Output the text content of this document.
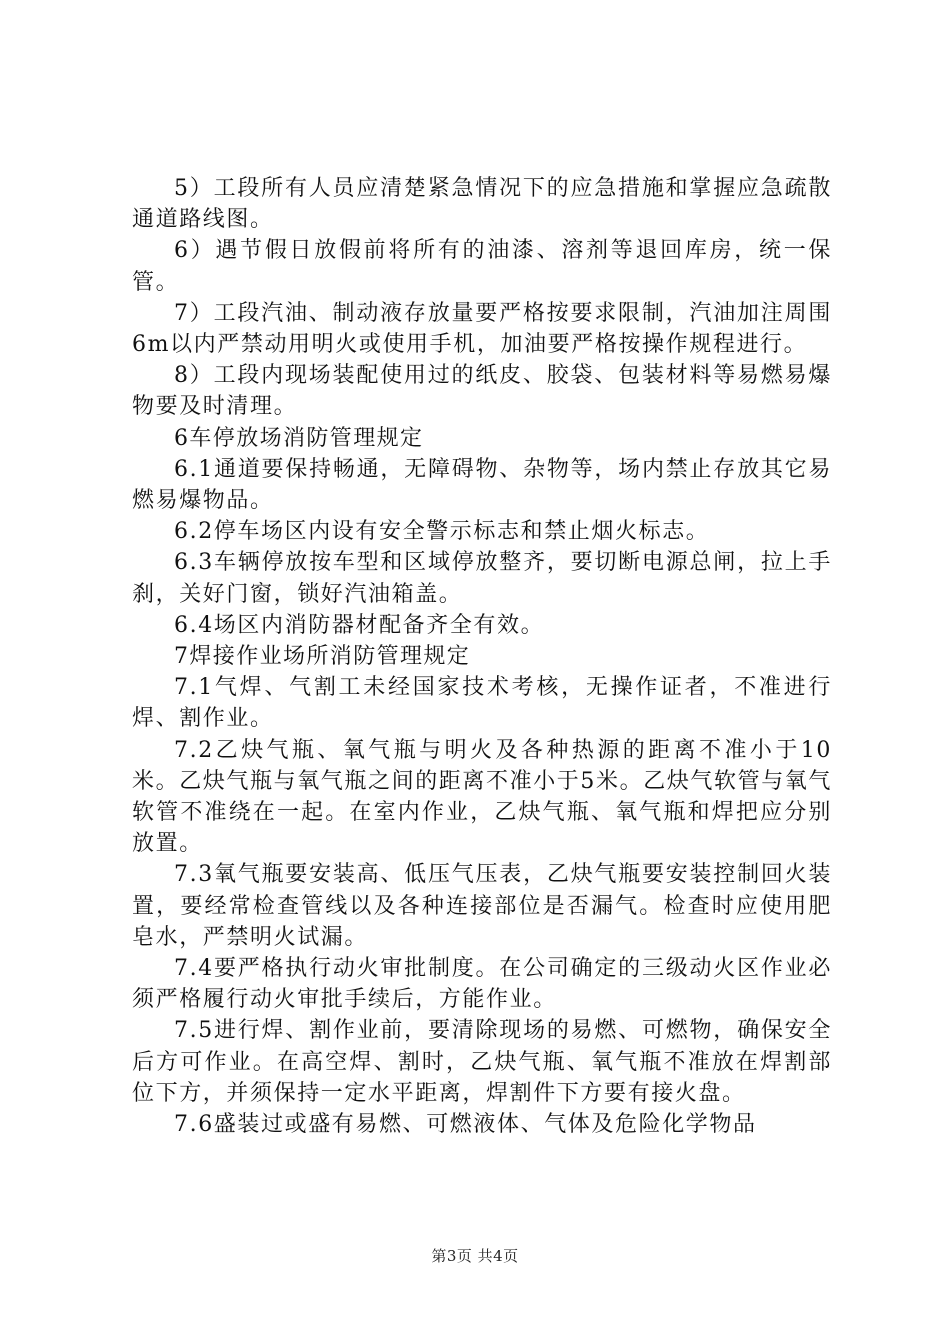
5）工段所有人员应清楚紧急情况下的应急措施和掌握应急疏散通道路线图。

6）遇节假日放假前将所有的油漆、溶剂等退回库房，统一保管。

7）工段汽油、制动液存放量要严格按要求限制，汽油加注周围6m以内严禁动用明火或使用手机，加油要严格按操作规程进行。

8）工段内现场装配使用过的纸皮、胶袋、包装材料等易燃易爆物要及时清理。

6车停放场消防管理规定

6.1通道要保持畅通，无障碍物、杂物等，场内禁止存放其它易燃易爆物品。

6.2停车场区内设有安全警示标志和禁止烟火标志。

6.3车辆停放按车型和区域停放整齐，要切断电源总闸，拉上手刹，关好门窗，锁好汽油箱盖。

6.4场区内消防器材配备齐全有效。

7焊接作业场所消防管理规定

7.1气焊、气割工未经国家技术考核，无操作证者，不准进行焊、割作业。

7.2乙炔气瓶、氧气瓶与明火及各种热源的距离不准小于10米。乙炔气瓶与氧气瓶之间的距离不准小于5米。乙炔气软管与氧气软管不准绕在一起。在室内作业，乙炔气瓶、氧气瓶和焊把应分别放置。

7.3氧气瓶要安装高、低压气压表，乙炔气瓶要安装控制回火装置，要经常检查管线以及各种连接部位是否漏气。检查时应使用肥皂水，严禁明火试漏。

7.4要严格执行动火审批制度。在公司确定的三级动火区作业必须严格履行动火审批手续后，方能作业。

7.5进行焊、割作业前，要清除现场的易燃、可燃物，确保安全后方可作业。在高空焊、割时，乙炔气瓶、氧气瓶不准放在焊割部位下方，并须保持一定水平距离，焊割件下方要有接火盘。

7.6盛装过或盛有易燃、可燃液体、气体及危险化学物品

第3页 共4页
